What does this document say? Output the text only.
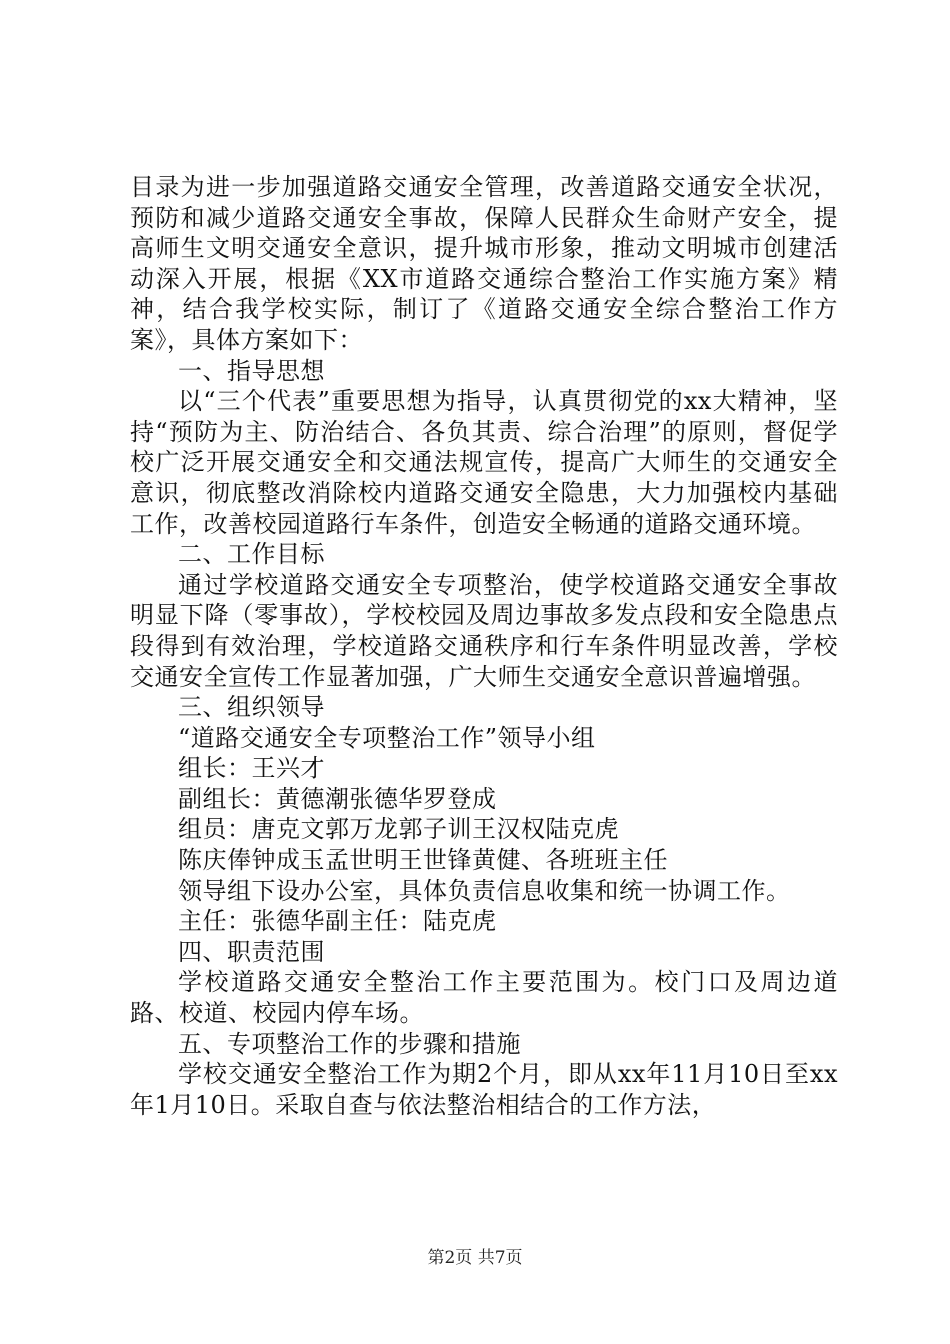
目录为进一步加强道路交通安全管理，改善道路交通安全状况，预防和减少道路交通安全事故，保障人民群众生命财产安全，提高师生文明交通安全意识，提升城市形象，推动文明城市创建活动深入开展，根据《XX市道路交通综合整治工作实施方案》精神，结合我学校实际，制订了《道路交通安全综合整治工作方案》，具体方案如下：

一、指导思想

以“三个代表”重要思想为指导，认真贯彻党的xx大精神，坚持“预防为主、防治结合、各负其责、综合治理”的原则，督促学校广泛开展交通安全和交通法规宣传，提高广大师生的交通安全意识，彻底整改消除校内道路交通安全隐患，大力加强校内基础工作，改善校园道路行车条件，创造安全畅通的道路交通环境。

二、工作目标

通过学校道路交通安全专项整治，使学校道路交通安全事故明显下降（零事故），学校校园及周边事故多发点段和安全隐患点段得到有效治理，学校道路交通秩序和行车条件明显改善，学校交通安全宣传工作显著加强，广大师生交通安全意识普遍增强。

三、组织领导

“道路交通安全专项整治工作”领导小组

组长：王兴才

副组长：黄德潮张德华罗登成

组员：唐克文郭万龙郭子训王汉权陆克虎

陈庆俸钟成玉孟世明王世锋黄健、各班班主任

领导组下设办公室，具体负责信息收集和统一协调工作。

主任：张德华副主任：陆克虎

四、职责范围

学校道路交通安全整治工作主要范围为。校门口及周边道路、校道、校园内停车场。

五、专项整治工作的步骤和措施

学校交通安全整治工作为期2个月，即从xx年11月10日至xx年1月10日。采取自查与依法整治相结合的工作方法，

第2页 共7页
